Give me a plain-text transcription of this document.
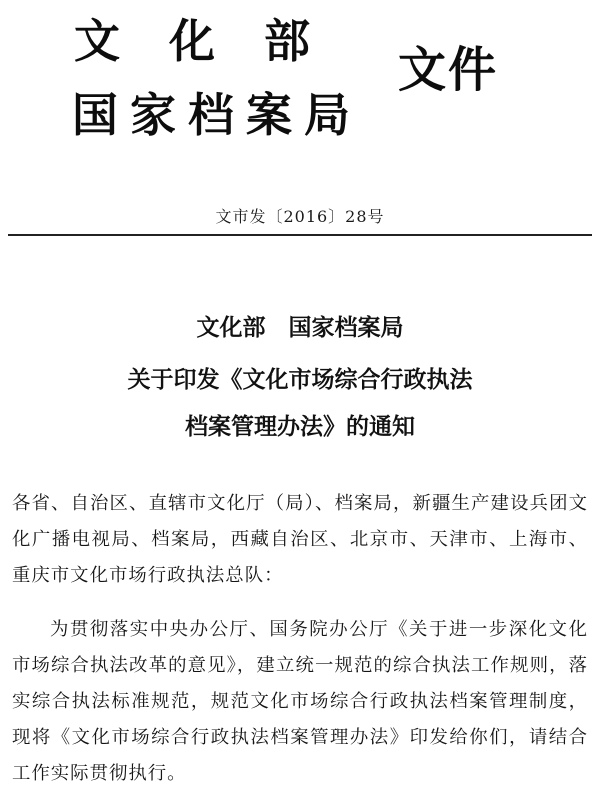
文化部
国家档案局
文件
文市发〔2016〕28号
文化部　国家档案局
关于印发《文化市场综合行政执法
档案管理办法》的通知
各省、自治区、直辖市文化厅（局）、档案局，新疆生产建设兵团文化广播电视局、档案局，西藏自治区、北京市、天津市、上海市、重庆市文化市场行政执法总队：
为贯彻落实中央办公厅、国务院办公厅《关于进一步深化文化市场综合执法改革的意见》，建立统一规范的综合执法工作规则，落实综合执法标准规范，规范文化市场综合行政执法档案管理制度，现将《文化市场综合行政执法档案管理办法》印发给你们，请结合工作实际贯彻执行。
